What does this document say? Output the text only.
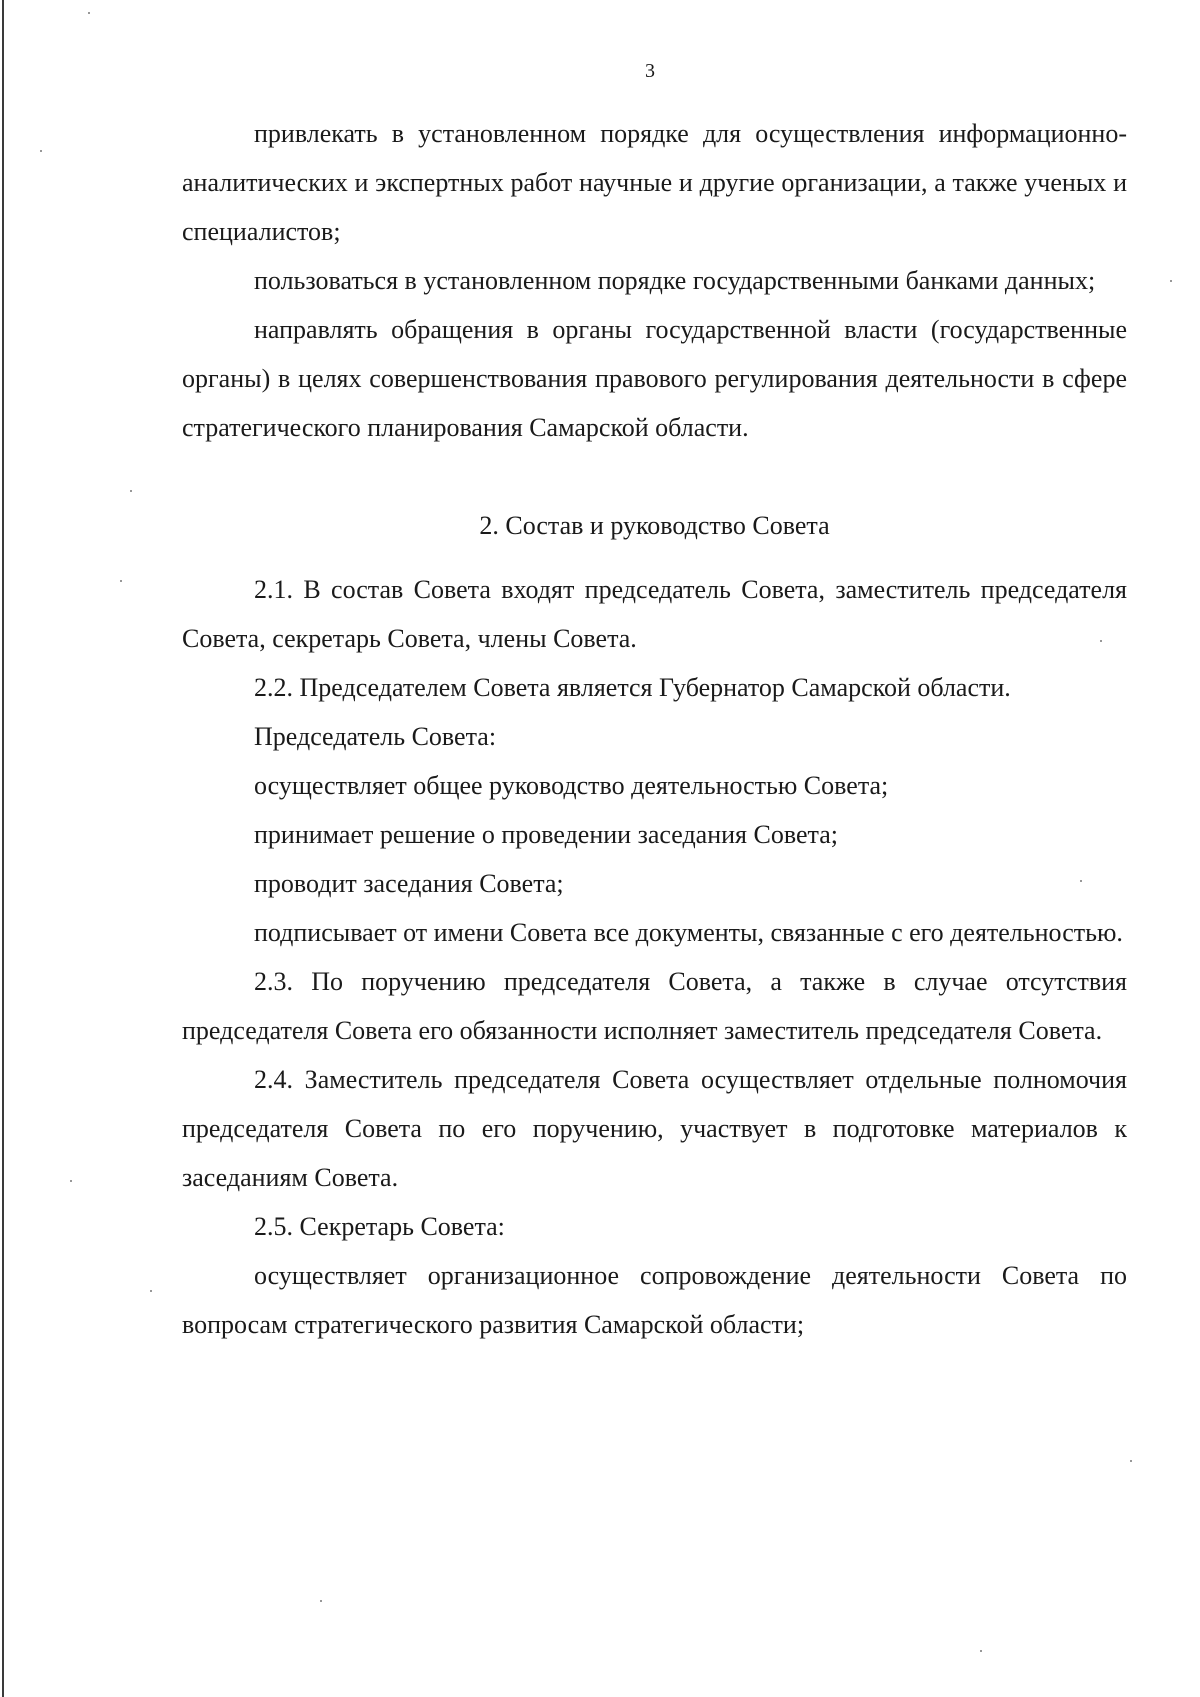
3

привлекать в установленном порядке для осуществления информационно-аналитических и экспертных работ научные и другие организации, а также ученых и специалистов;

пользоваться в установленном порядке государственными банками данных;

направлять обращения в органы государственной власти (государственные органы) в целях совершенствования правового регулирования деятельности в сфере стратегического планирования Самарской области.

2. Состав и руководство Совета

2.1. В состав Совета входят председатель Совета, заместитель председателя Совета, секретарь Совета, члены Совета.

2.2. Председателем Совета является Губернатор Самарской области.

Председатель Совета:

осуществляет общее руководство деятельностью Совета;

принимает решение о проведении заседания Совета;

проводит заседания Совета;

подписывает от имени Совета все документы, связанные с его деятельностью.

2.3. По поручению председателя Совета, а также в случае отсутствия председателя Совета его обязанности исполняет заместитель председателя Совета.

2.4. Заместитель председателя Совета осуществляет отдельные полномочия председателя Совета по его поручению, участвует в подготовке материалов к заседаниям Совета.

2.5. Секретарь Совета:

осуществляет организационное сопровождение деятельности Совета по вопросам стратегического развития Самарской области;
